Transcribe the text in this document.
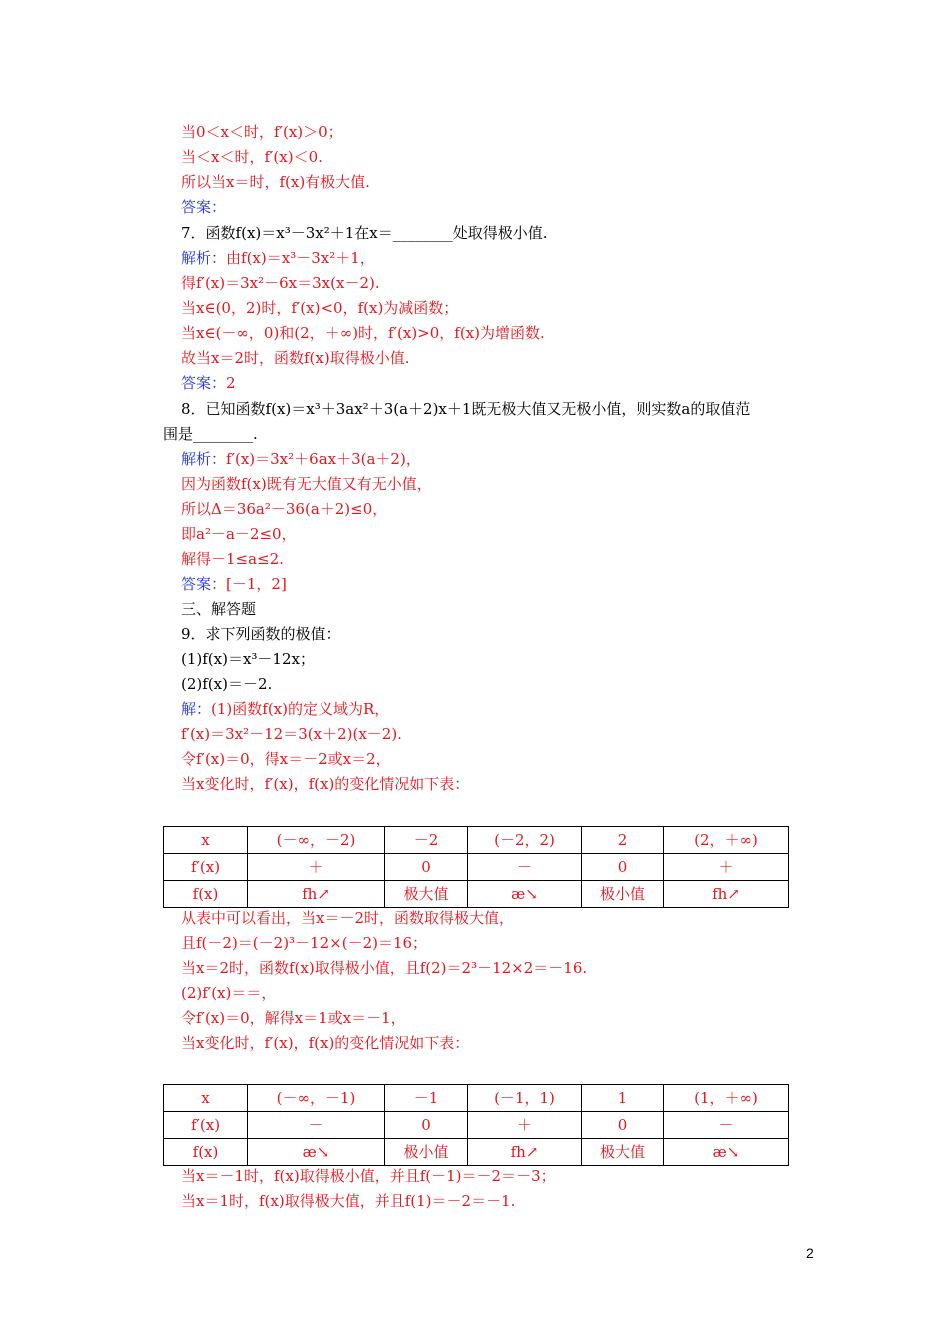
当0＜x＜时，f′(x)＞0；
当＜x＜时，f′(x)＜0.
所以当x＝时，f(x)有极大值.
答案：
7．函数f(x)＝x³－3x²＋1在x＝________处取得极小值.
解析：由f(x)＝x³－3x²＋1，
得f′(x)＝3x²－6x＝3x(x－2).
当x∈(0，2)时，f′(x)<0，f(x)为减函数；
当x∈(－∞，0)和(2，＋∞)时，f′(x)>0，f(x)为增函数.
故当x＝2时，函数f(x)取得极小值.
答案：2
8．已知函数f(x)＝x³＋3ax²＋3(a＋2)x＋1既无极大值又无极小值，则实数a的取值范
围是________.
解析：f′(x)＝3x²＋6ax＋3(a＋2)，
因为函数f(x)既有无大值又有无小值，
所以Δ＝36a²－36(a＋2)≤0，
即a²－a－2≤0，
解得－1≤a≤2.
答案：[－1，2]
三、解答题
9．求下列函数的极值：
(1)f(x)＝x³－12x；
(2)f(x)＝－2.
解：(1)函数f(x)的定义域为R，
f′(x)＝3x²－12＝3(x＋2)(x－2).
令f′(x)＝0，得x＝－2或x＝2，
当x变化时，f′(x)，f(x)的变化情况如下表：
从表中可以看出，当x＝－2时，函数取得极大值，
且f(－2)＝(－2)³－12×(－2)＝16；
当x＝2时，函数f(x)取得极小值，且f(2)＝2³－12×2＝－16.
(2)f′(x)＝＝，
令f′(x)＝0，解得x＝1或x＝－1，
当x变化时，f′(x)，f(x)的变化情况如下表：
当x＝－1时，f(x)取得极小值，并且f(－1)＝－2＝－3；
当x＝1时，f(x)取得极大值，并且f(1)＝－2＝－1.
x	(－∞，－2)	－2	(－2，2)	2	(2，＋∞)
f′(x)	＋	0	－	0	＋
f(x)	fh↗	极大值	æ↘	极小值	fh↗
x	(－∞，－1)	－1	(－1，1)	1	(1，＋∞)
f′(x)	－	0	＋	0	－
f(x)	æ↘	极小值	fh↗	极大值	æ↘
2
